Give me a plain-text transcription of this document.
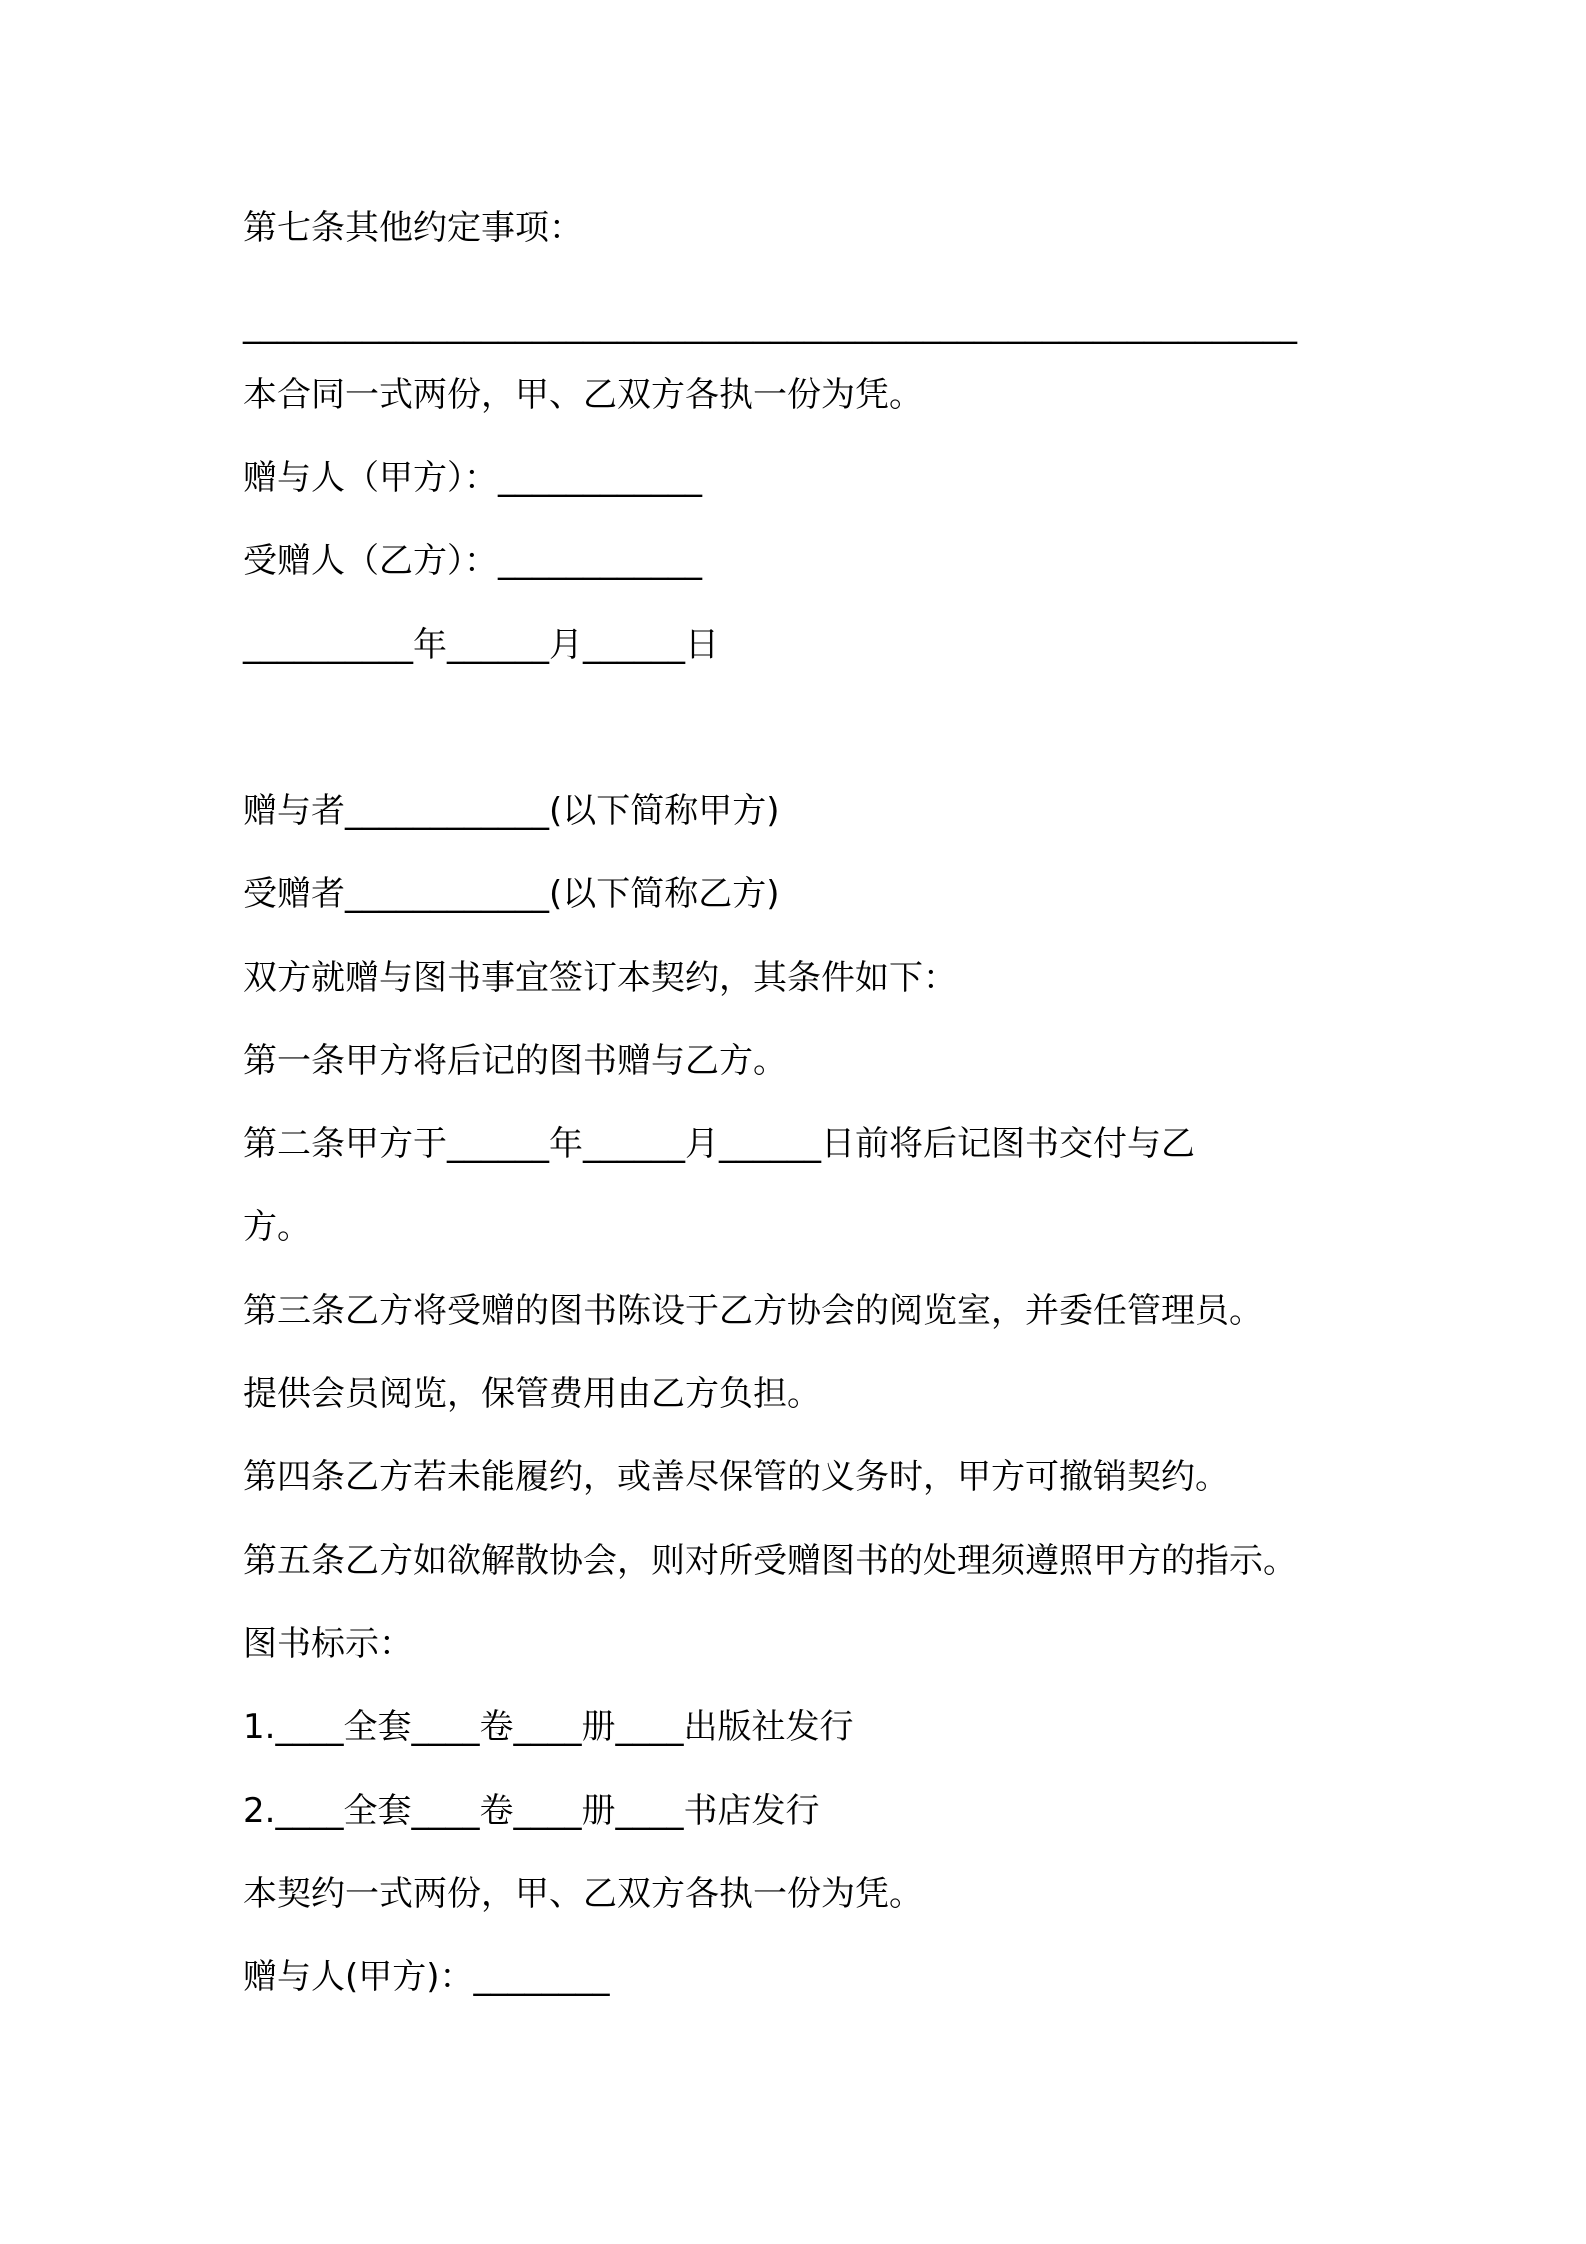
第七条其他约定事项：
______________________________________________________________
本合同一式两份，甲、乙双方各执一份为凭。
赠与人（甲方）：____________
受赠人（乙方）：____________
__________年______月______日
赠与者____________(以下简称甲方)
受赠者____________(以下简称乙方)
双方就赠与图书事宜签订本契约，其条件如下：
第一条甲方将后记的图书赠与乙方。
第二条甲方于______年______月______日前将后记图书交付与乙
方。
第三条乙方将受赠的图书陈设于乙方协会的阅览室，并委任管理员。
提供会员阅览，保管费用由乙方负担。
第四条乙方若未能履约，或善尽保管的义务时，甲方可撤销契约。
第五条乙方如欲解散协会，则对所受赠图书的处理须遵照甲方的指示。
图书标示：
1.____全套____卷____册____出版社发行
2.____全套____卷____册____书店发行
本契约一式两份，甲、乙双方各执一份为凭。
赠与人(甲方)：________
